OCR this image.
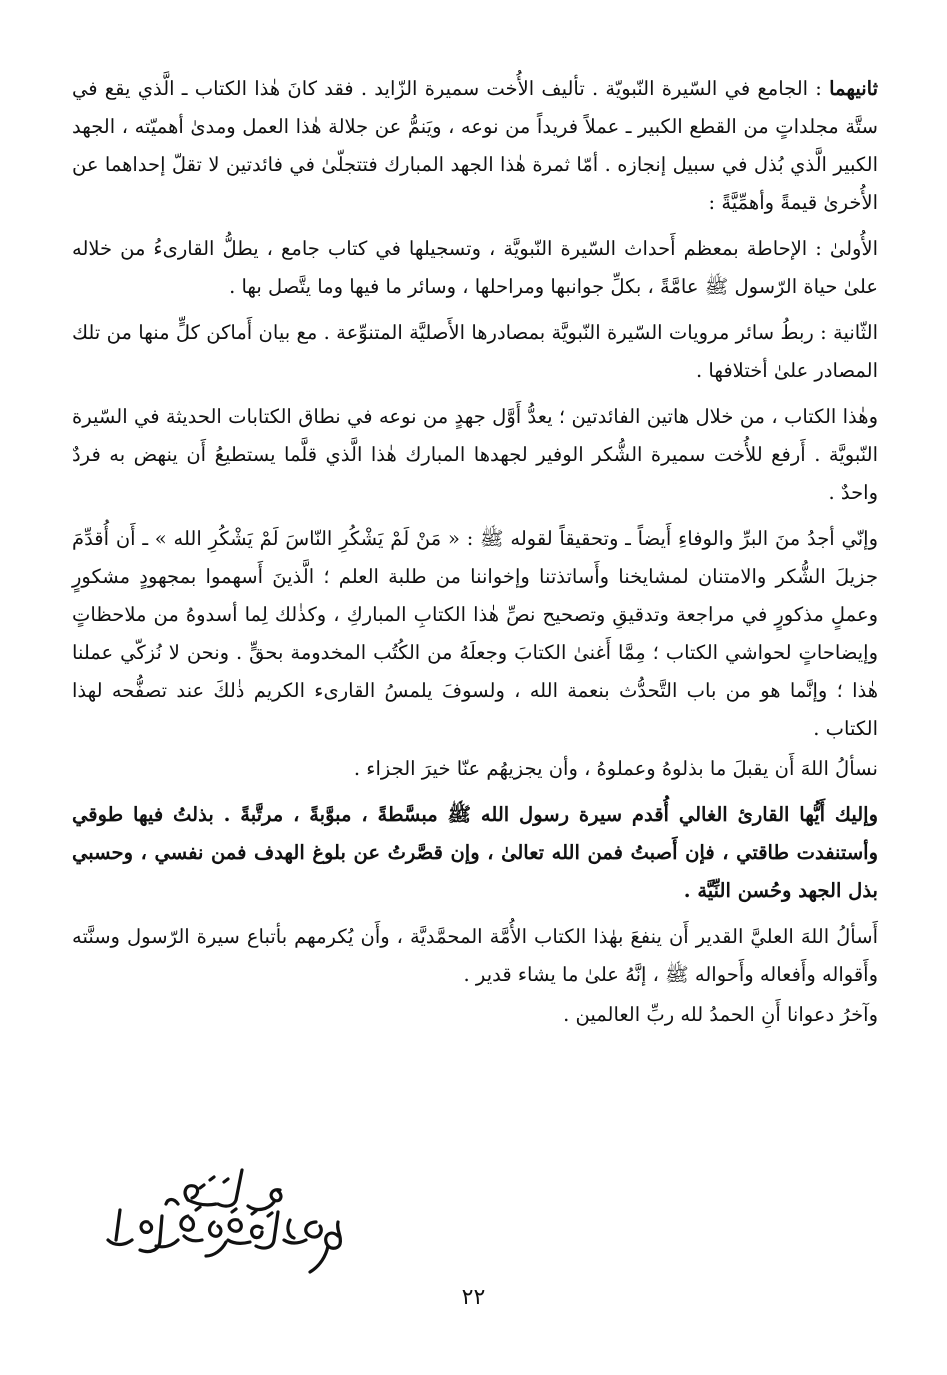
ثانيهما : الجامع في السّيرة النّبويّة . تأليف الأُخت سميرة الزّايد . فقد كانَ هٰذا الكتاب ـ الَّذي يقع في ستَّة مجلداتٍ من القطع الكبير ـ عملاً فريداً من نوعه ، ويَنمُّ عن جلالة هٰذا العمل ومدىٰ أهميّته ، الجهد الكبير الَّذي بُذل في سبيل إنجازه . أمّا ثمرة هٰذا الجهد المبارك فتتجلّىٰ في فائدتين لا تقلّ إحداهما عن الأُخرىٰ قيمةً وأهمِّيَّةً :

الأُولىٰ : الإحاطة بمعظم أَحداث السّيرة النّبويَّة ، وتسجيلها في كتاب جامع ، يطلُّ القارىءُ من خلاله علىٰ حياة الرّسول ﷺ عامَّةً ، بكلِّ جوانبها ومراحلها ، وسائر ما فيها وما يتَّصل بها .

الثّانية : ربطُ سائر مرويات السّيرة النّبويَّة بمصادرها الأَصليَّة المتنوِّعة . مع بيان أَماكن كلٍّ منها من تلك المصادر علىٰ أختلافها .

وهٰذا الكتاب ، من خلال هاتين الفائدتين ؛ يعدُّ أَوَّل جهدٍ من نوعه في نطاق الكتابات الحديثة في السّيرة النّبويَّة . أَرفع للأُخت سميرة الشُّكر الوفير لجهدها المبارك هٰذا الَّذي قلَّما يستطيعُ أَن ينهض به فردٌ واحدٌ .

وإنّي أجدُ منَ البرِّ والوفاءِ أَيضاً ـ وتحقيقاً لقوله ﷺ : « مَنْ لَمْ يَشْكُرِ النّاسَ لَمْ يَشْكُرِ الله » ـ أَن أُقدِّمَ جزيلَ الشُّكر والامتنان لمشايخنا وأَساتذتنا وإخواننا من طلبة العلم ؛ الَّذينَ أَسهموا بمجهودٍ مشكورٍ وعملٍ مذكورٍ في مراجعة وتدقيقِ وتصحيح نصِّ هٰذا الكتابِ المباركِ ، وكذٰلك لِما أسدوهُ من ملاحظاتٍ وإيضاحاتٍ لحواشي الكتاب ؛ مِمَّا أَغنىٰ الكتابَ وجعلَهُ من الكُتُب المخدومة بحقٍّ . ونحن لا نُزكّي عملنا هٰذا ؛ وإنَّما هو من باب التَّحدُّث بنعمة الله ، ولسوفَ يلمسُ القارىء الكريم ذٰلكَ عند تصفُّحه لهذا الكتاب .

نسألُ اللهَ أَن يقبلَ ما بذلوهُ وعملوهُ ، وأن يجزيهُم عنّا خيرَ الجزاء .

وإليك أَيُّها القارئ الغالي أُقدم سيرة رسول الله ﷺ مبسَّطةً ، مبوَّبةً ، مرتَّبةً . بذلتُ فيها طوقي وأستنفدت طاقتي ، فإن أَصبتُ فمن الله تعالىٰ ، وإن قصَّرتُ عن بلوغ الهدف فمن نفسي ، وحسبي بذل الجهد وحُسن النِّيَّة .

أَسألُ اللهَ العليَّ القدير أَن ينفعَ بهٰذا الكتاب الأُمَّة المحمَّديَّة ، وأَن يُكرمهم بأتباع سيرة الرّسول وسنَّته وأَقواله وأَفعاله وأَحواله ﷺ ، إنَّهُ علىٰ ما يشاء قدير .

وآخرُ دعوانا أَنِ الحمدُ لله ربِّ العالمين .

٢٢
